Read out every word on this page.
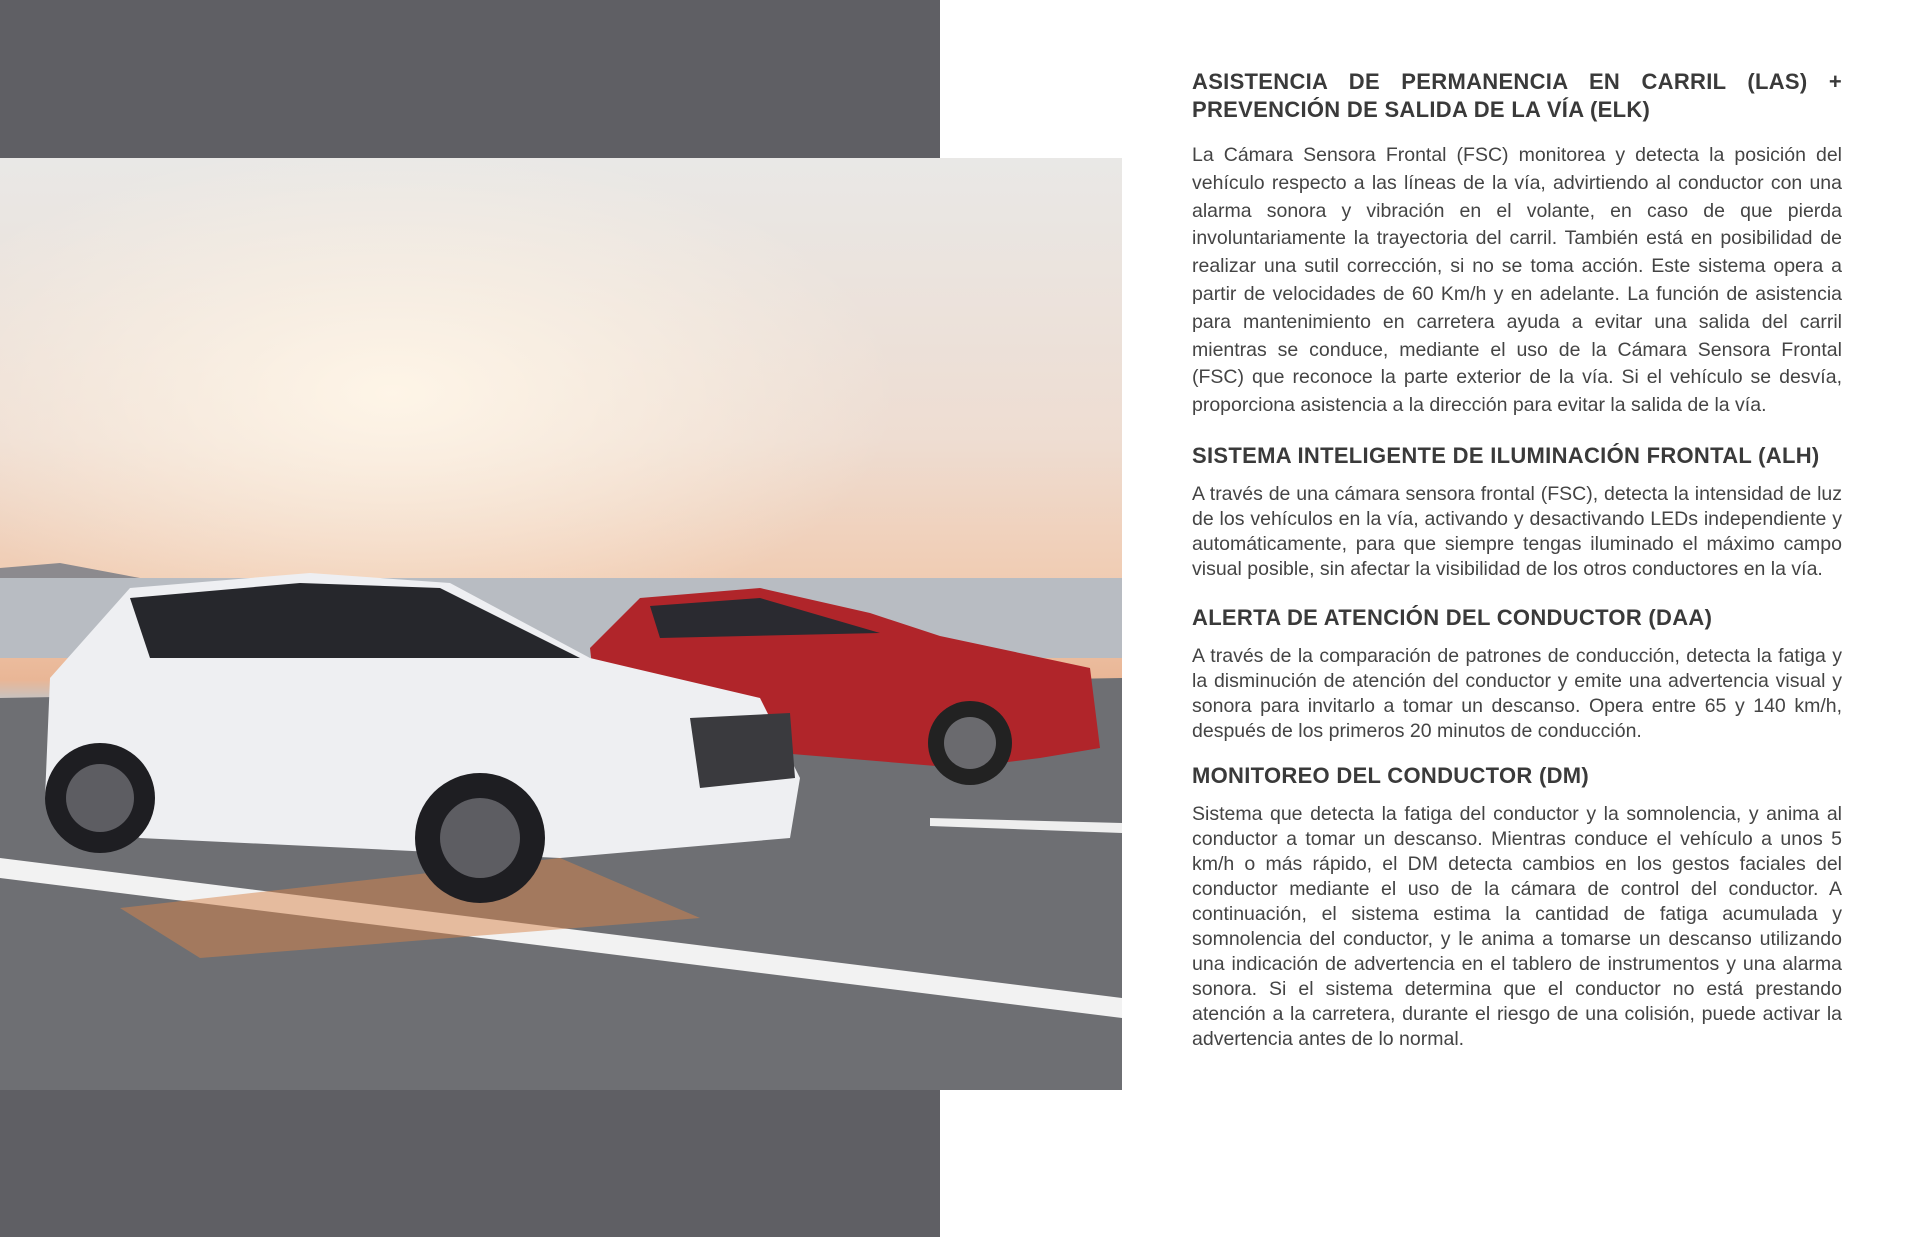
ASISTENCIA DE PERMANENCIA EN CARRIL (LAS) + PREVENCIÓN DE SALIDA DE LA VÍA (ELK)

La Cámara Sensora Frontal (FSC) monitorea y detecta la posición del vehículo respecto a las líneas de la vía, advirtiendo al conductor con una alarma sonora y vibración en el volante, en caso de que pierda involuntariamente la trayectoria del carril. También está en posibilidad de realizar una sutil corrección, si no se toma acción. Este sistema opera a partir de velocidades de 60 Km/h y en adelante. La función de asistencia para mantenimiento en carretera ayuda a evitar una salida del carril mientras se conduce, mediante el uso de la Cámara Sensora Frontal (FSC) que reconoce la parte exterior de la vía. Si el vehículo se desvía, proporciona asistencia a la dirección para evitar la salida de la vía.

SISTEMA INTELIGENTE DE ILUMINACIÓN FRONTAL (ALH)

A través de una cámara sensora frontal (FSC), detecta la intensidad de luz de los vehículos en la vía, activando y desactivando LEDs independiente y automáticamente, para que siempre tengas iluminado el máximo campo visual posible, sin afectar la visibilidad de los otros conductores en la vía.

ALERTA DE ATENCIÓN DEL CONDUCTOR (DAA)

A través de la comparación de patrones de conducción, detecta la fatiga y la disminución de atención del conductor y emite una advertencia visual y sonora para invitarlo a tomar un descanso. Opera entre 65 y 140 km/h, después de los primeros 20 minutos de conducción.

MONITOREO DEL CONDUCTOR (DM)

Sistema que detecta la fatiga del conductor y la somnolencia, y anima al conductor a tomar un descanso. Mientras conduce el vehículo a unos 5 km/h o más rápido, el DM detecta cambios en los gestos faciales del conductor mediante el uso de la cámara de control del conductor. A continuación, el sistema estima la cantidad de fatiga acumulada y somnolencia del conductor, y le anima a tomarse un descanso utilizando una indicación de advertencia en el tablero de instrumentos y una alarma sonora. Si el sistema determina que el conductor no está prestando atención a la carretera, durante el riesgo de una colisión, puede activar la advertencia antes de lo normal.
